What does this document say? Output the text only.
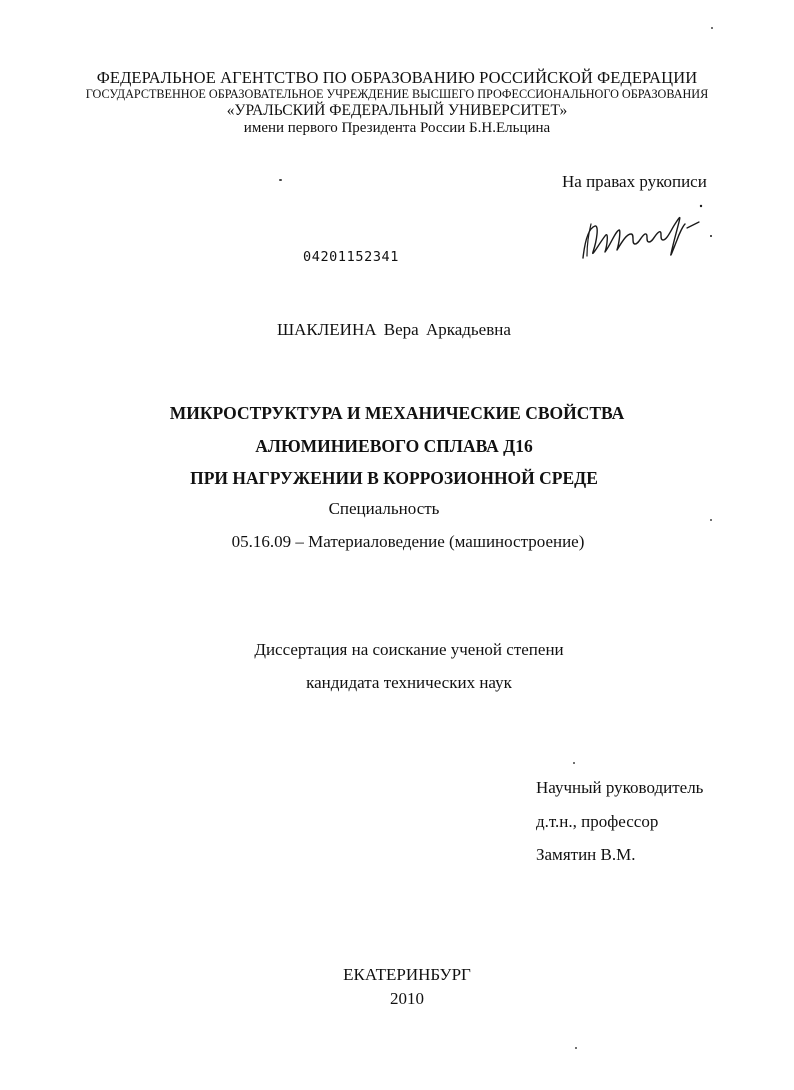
ФЕДЕРАЛЬНОЕ АГЕНТСТВО ПО ОБРАЗОВАНИЮ РОССИЙСКОЙ ФЕДЕРАЦИИ
ГОСУДАРСТВЕННОЕ ОБРАЗОВАТЕЛЬНОЕ УЧРЕЖДЕНИЕ ВЫСШЕГО ПРОФЕССИОНАЛЬНОГО ОБРАЗОВАНИЯ
«УРАЛЬСКИЙ ФЕДЕРАЛЬНЫЙ УНИВЕРСИТЕТ»
имени первого Президента России Б.Н.Ельцина
На правах рукописи
04201152341
ШАКЛЕИНА Вера Аркадьевна
МИКРОСТРУКТУРА И МЕХАНИЧЕСКИЕ СВОЙСТВА
АЛЮМИНИЕВОГО СПЛАВА Д16
ПРИ НАГРУЖЕНИИ В КОРРОЗИОННОЙ СРЕДЕ
Специальность
05.16.09 – Материаловедение (машиностроение)
Диссертация на соискание ученой степени
кандидата технических наук
Научный руководитель
д.т.н., профессор
Замятин В.М.
ЕКАТЕРИНБУРГ
2010
